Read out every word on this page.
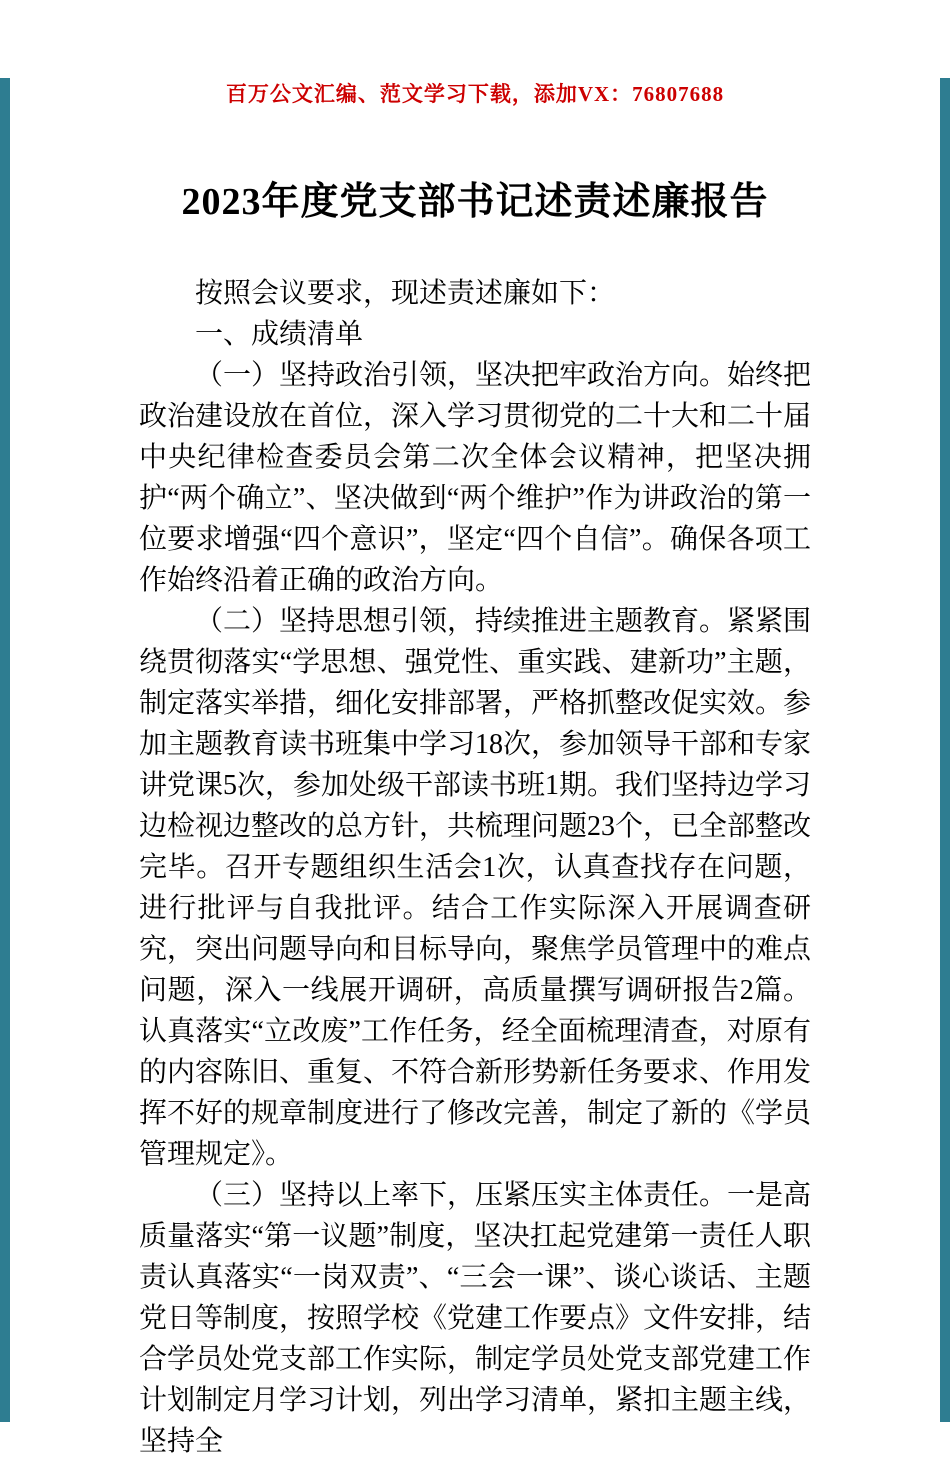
百万公文汇编、范文学习下载，添加VX：76807688
2023年度党支部书记述责述廉报告

按照会议要求，现述责述廉如下：

一、成绩清单

（一）坚持政治引领，坚决把牢政治方向。始终把政治建设放在首位，深入学习贯彻党的二十大和二十届中央纪律检查委员会第二次全体会议精神，把坚决拥护“两个确立”、坚决做到“两个维护”作为讲政治的第一位要求增强“四个意识”，坚定“四个自信”。确保各项工作始终沿着正确的政治方向。

（二）坚持思想引领，持续推进主题教育。紧紧围绕贯彻落实“学思想、强党性、重实践、建新功”主题，制定落实举措，细化安排部署，严格抓整改促实效。参加主题教育读书班集中学习18次，参加领导干部和专家讲党课5次，参加处级干部读书班1期。我们坚持边学习边检视边整改的总方针，共梳理问题23个，已全部整改完毕。召开专题组织生活会1次，认真查找存在问题，进行批评与自我批评。结合工作实际深入开展调查研究，突出问题导向和目标导向，聚焦学员管理中的难点问题，深入一线展开调研，高质量撰写调研报告2篇。认真落实“立改废”工作任务，经全面梳理清查，对原有的内容陈旧、重复、不符合新形势新任务要求、作用发挥不好的规章制度进行了修改完善，制定了新的《学员管理规定》。

（三）坚持以上率下，压紧压实主体责任。一是高质量落实“第一议题”制度，坚决扛起党建第一责任人职责认真落实“一岗双责”、“三会一课”、谈心谈话、主题党日等制度，按照学校《党建工作要点》文件安排，结合学员处党支部工作实际，制定学员处党支部党建工作计划制定月学习计划，列出学习清单，紧扣主题主线，坚持全
